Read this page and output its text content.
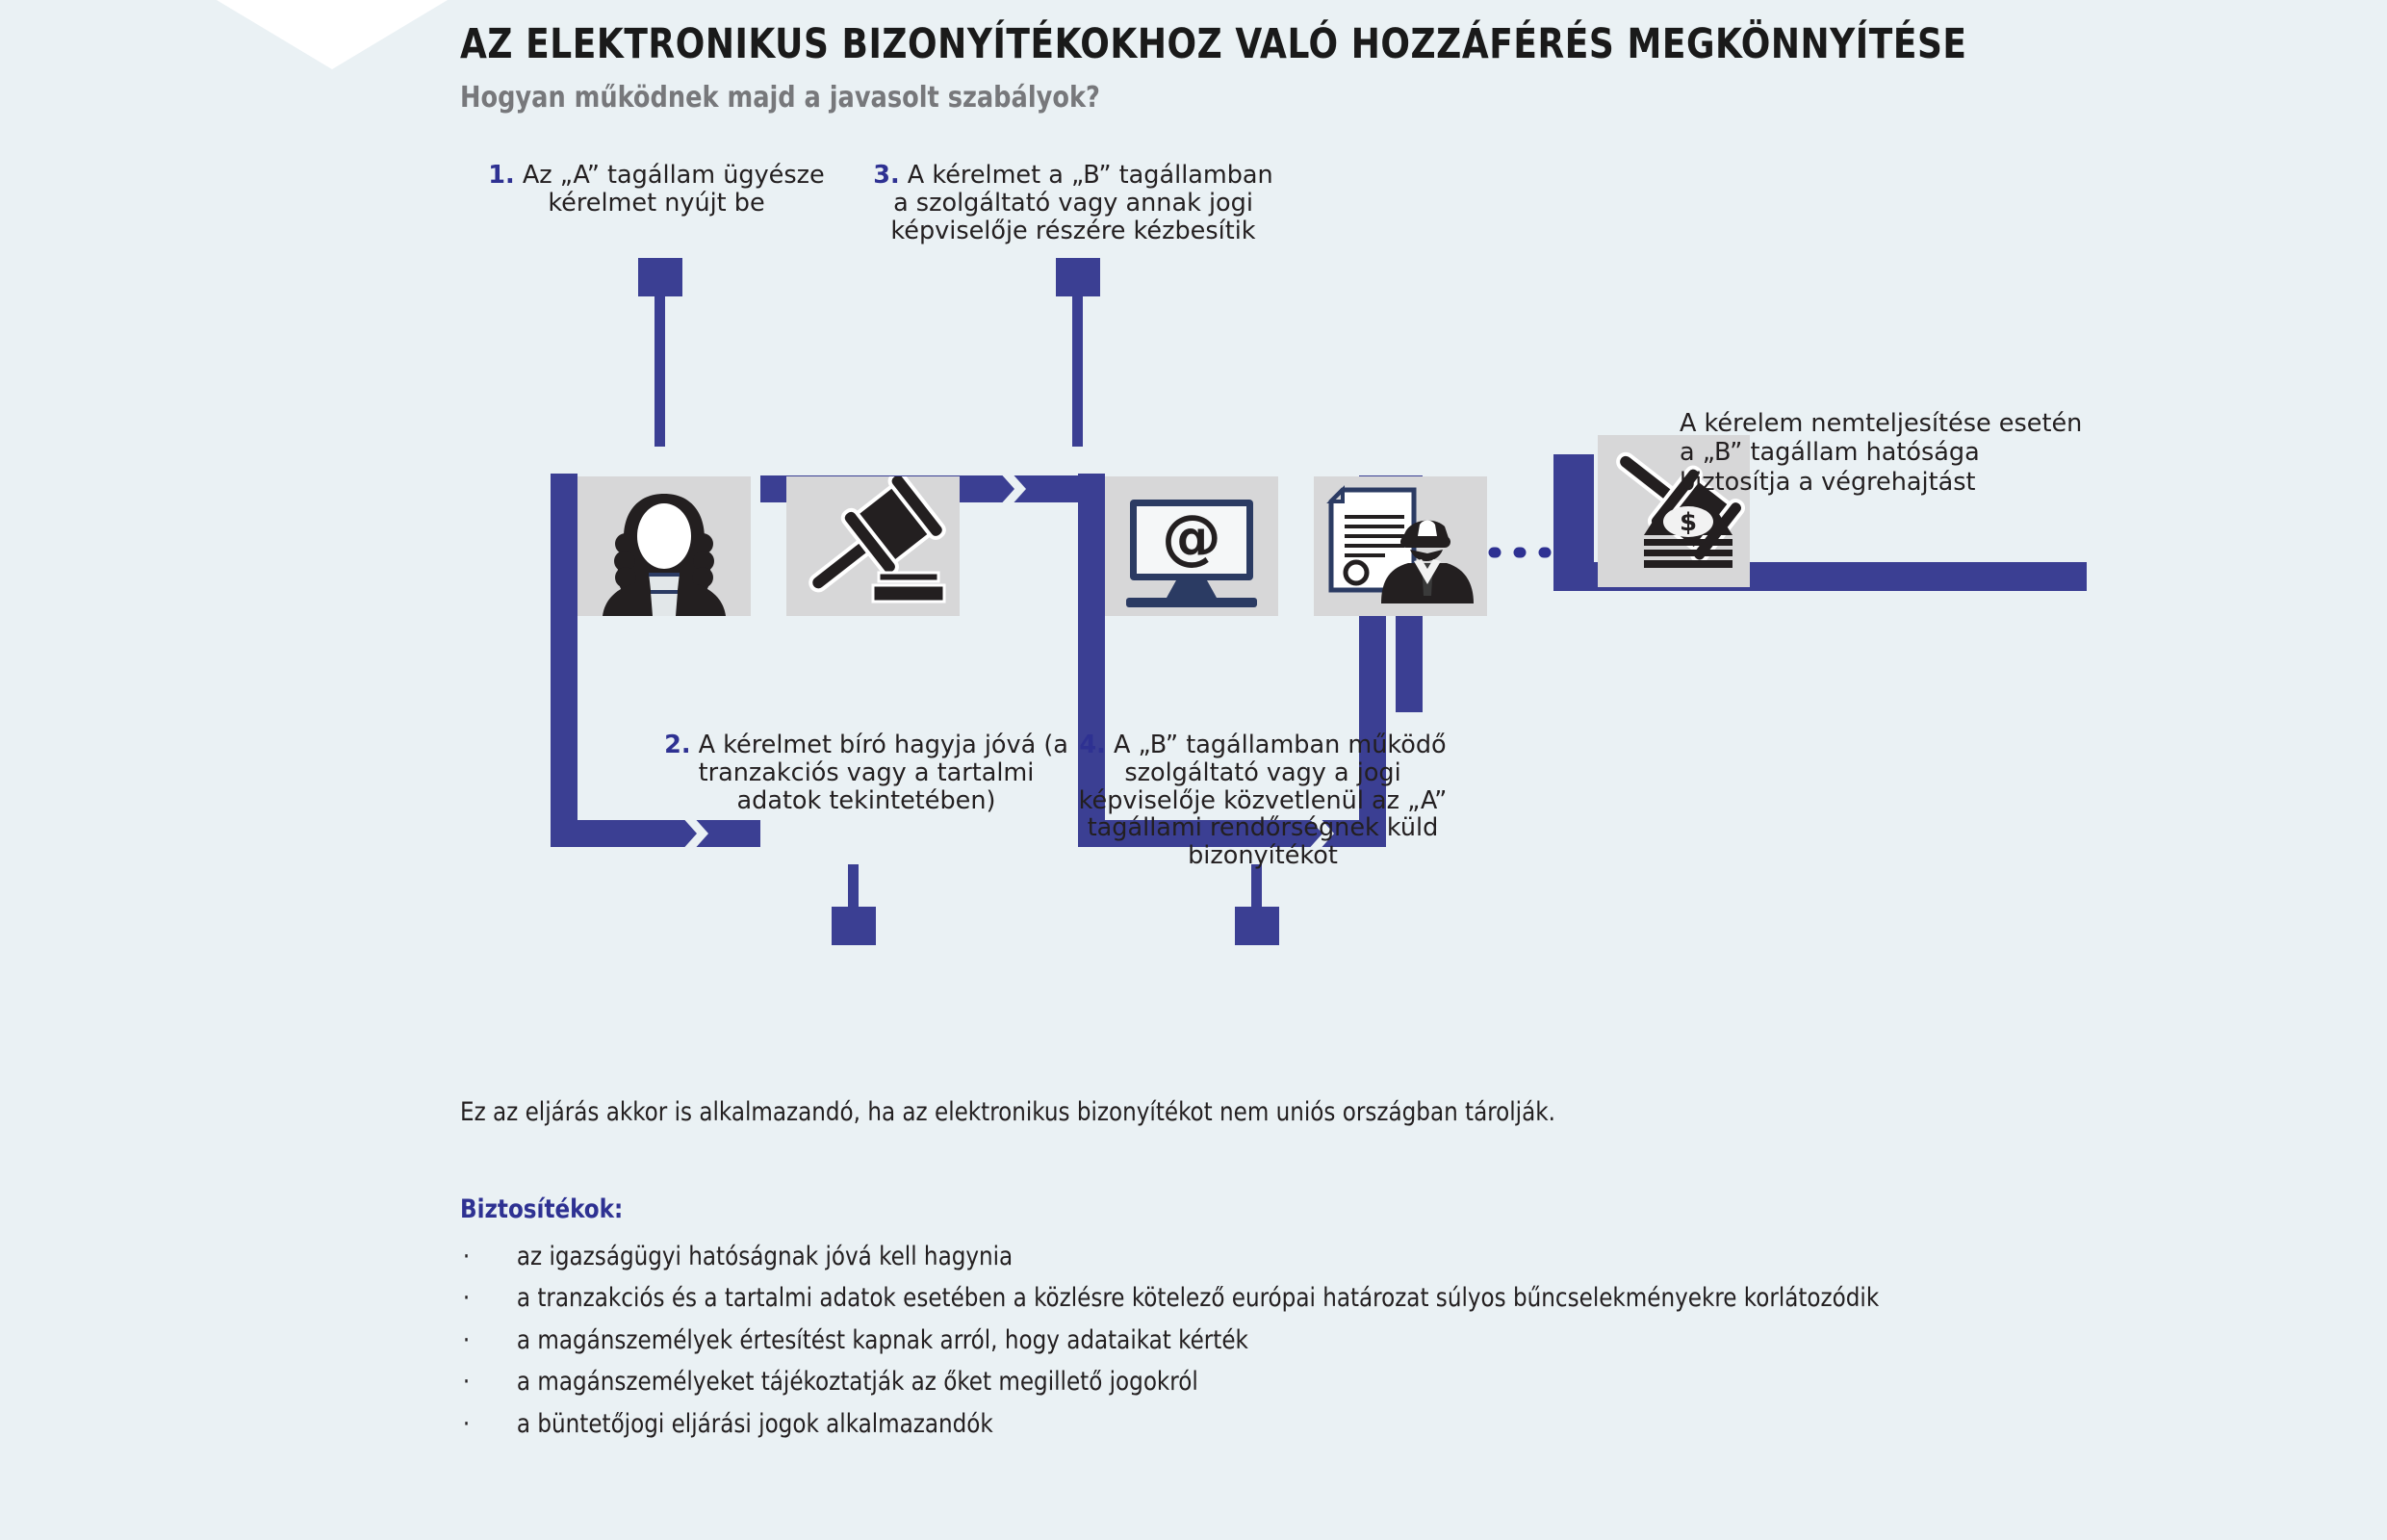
AZ ELEKTRONIKUS BIZONYÍTÉKOKHOZ VALÓ HOZZÁFÉRÉS MEGKÖNNYÍTÉSE
Hogyan működnek majd a javasolt szabályok?
@	$
1. Az „A” tagállam ügyésze kérelmet nyújt be
3. A kérelmet a „B” tagállamban a szolgáltató vagy annak jogi képviselője részére kézbesítik
2. A kérelmet bíró hagyja jóvá (a tranzakciós vagy a tartalmi adatok tekintetében)
4. A „B” tagállamban működő szolgáltató vagy a jogi képviselője közvetlenül az „A” tagállami rendőrségnek küld bizonyítékot
A kérelem nemteljesítése esetén a „B” tagállam hatósága biztosítja a végrehajtást
Ez az eljárás akkor is alkalmazandó, ha az elektronikus bizonyítékot nem uniós országban tárolják.
Biztosítékok:
· az igazságügyi hatóságnak jóvá kell hagynia
· a tranzakciós és a tartalmi adatok esetében a közlésre kötelező európai határozat súlyos bűncselekményekre korlátozódik
· a magánszemélyek értesítést kapnak arról, hogy adataikat kérték
· a magánszemélyeket tájékoztatják az őket megillető jogokról
· a büntetőjogi eljárási jogok alkalmazandók
